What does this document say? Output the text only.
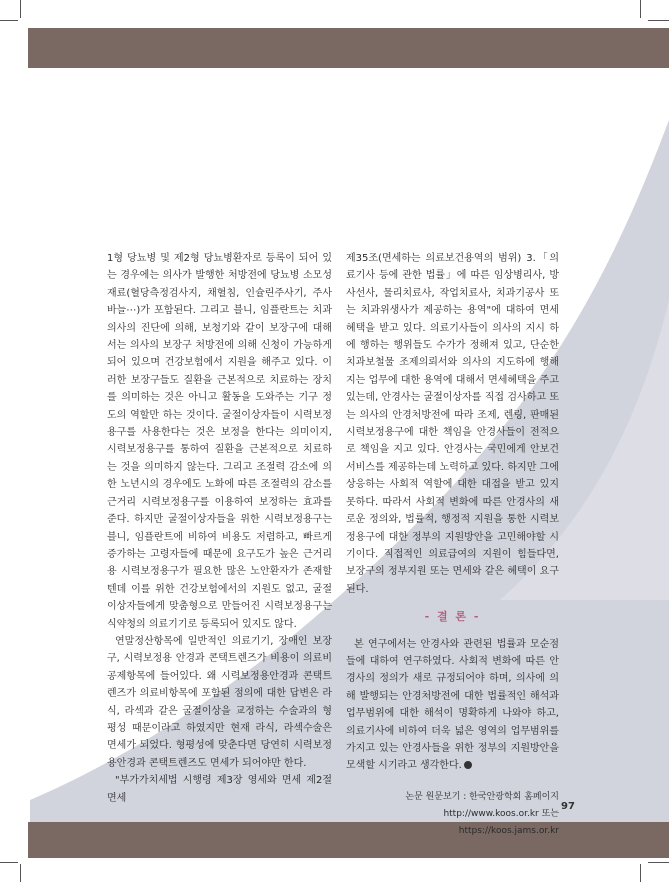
1형 당뇨병 및 제2형 당뇨병환자로 등록이 되어 있는 경우에는 의사가 발행한 처방전에 당뇨병 소모성 재료(혈당측정검사지, 채혈침, 인슐린주사기, 주사바늘⋯)가 포함된다. 그리고 블니, 임플란트는 치과의사의 진단에 의해, 보청기와 같이 보장구에 대해서는 의사의 보장구 처방전에 의해 신청이 가능하게 되어 있으며 건강보험에서 지원을 해주고 있다. 이러한 보장구들도 질환을 근본적으로 치료하는 장치를 의미하는 것은 아니고 활동을 도와주는 기구 정도의 역할만 하는 것이다. 굴절이상자들이 시력보정용구를 사용한다는 것은 보정을 한다는 의미이지, 시력보정용구를 통하여 질환을 근본적으로 치료하는 것을 의미하지 않는다. 그리고 조절력 감소에 의한 노년시의 경우에도 노화에 따른 조절력의 감소를 근거리 시력보정용구를 이용하여 보정하는 효과를 준다. 하지만 굴절이상자들을 위한 시력보정용구는 블니, 임플란트에 비하여 비용도 저렴하고, 빠르게 증가하는 고령자들에 때문에 요구도가 높은 근거리용 시력보정용구가 필요한 많은 노안환자가 존재할 텐데 이를 위한 건강보험에서의 지원도 없고, 굴절이상자들에게 맞춤형으로 만들어진 시력보정용구는 식약청의 의료기기로 등록되어 있지도 않다.

연말정산항목에 일반적인 의료기기, 장애인 보장구, 시력보정용 안경과 콘택트렌즈가 비용이 의료비 공제항목에 들어있다. 왜 시력보정용안경과 콘택트렌즈가 의료비항목에 포함된 점의에 대한 답변은 라식, 라섹과 같은 굴절이상을 교정하는 수술과의 형평성 때문이라고 하였지만 현재 라식, 라섹수술은 면세가 되었다. 형평성에 맞춘다면 당연히 시력보정용안경과 콘택트렌즈도 면세가 되어야만 한다.

"부가가치세법 시행령 제3장 영세와 면세 제2절 면세

제35조(면세하는 의료보건용역의 범위) 3.「의료기사 등에 관한 법률」에 따른 임상병리사, 방사선사, 물리치료사, 작업치료사, 치과기공사 또는 치과위생사가 제공하는 용역"에 대하여 면세혜택을 받고 있다. 의료기사들이 의사의 지시 하에 행하는 행위들도 수가가 정해져 있고, 단순한 치과보철물 조제의뢰서와 의사의 지도하에 행해지는 업무에 대한 용역에 대해서 면세혜택을 주고 있는데, 안경사는 굴절이상자를 직접 검사하고 또는 의사의 안경처방전에 따라 조제, 렌링, 판매된 시력보정용구에 대한 책임을 안경사들이 전적으로 책임을 지고 있다. 안경사는 국민에게 안보건서비스를 제공하는데 노력하고 있다. 하지만 그에 상응하는 사회적 역할에 대한 대접을 받고 있지 못하다. 따라서 사회적 변화에 따른 안경사의 새로운 정의와, 법률적, 행정적 지원을 통한 시력보정용구에 대한 정부의 지원방안을 고민해야할 시기이다. 직접적인 의료급여의 지원이 힘들다면, 보장구의 정부지원 또는 면세와 같은 혜택이 요구된다.

- 결 론 -

본 연구에서는 안경사와 관련된 법률과 모순점들에 대하여 연구하였다. 사회적 변화에 따른 안경사의 정의가 새로 규정되어야 하며, 의사에 의해 발행되는 안경처방전에 대한 법률적인 해석과 업무범위에 대한 해석이 명확하게 나와야 하고, 의료기사에 비하여 더욱 넓은 영역의 업무범위를 가지고 있는 안경사들을 위한 정부의 지원방안을 모색할 시기라고 생각한다.

논문 원문보기 : 한국안광학회 홈페이지
http://www.koos.or.kr 또는 https://koos.jams.or.kr
97
